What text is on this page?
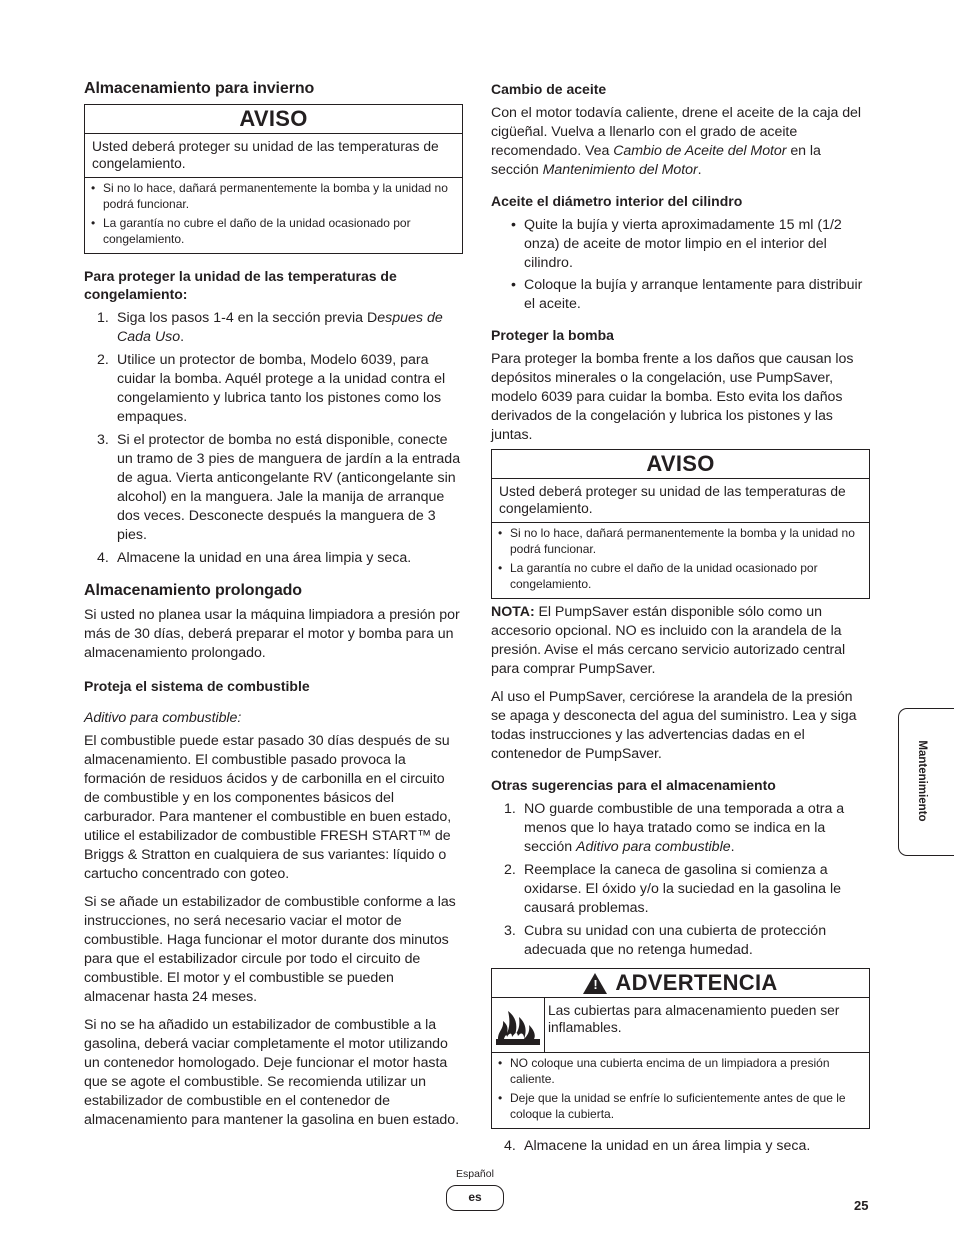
Almacenamiento para invierno
AVISO
Usted deberá proteger su unidad de las temperaturas de congelamiento.
• Si no lo hace, dañará permanentemente la bomba y la unidad no podrá funcionar.
• La garantía no cubre el daño de la unidad ocasionado por congelamiento.
Para proteger la unidad de las temperaturas de congelamiento:
1. Siga los pasos 1-4 en la sección previa Despues de Cada Uso.
2. Utilice un protector de bomba, Modelo 6039, para cuidar la bomba. Aquél protege a la unidad contra el congelamiento y lubrica tanto los pistones como los empaques.
3. Si el protector de bomba no está disponible, conecte un tramo de 3 pies de manguera de jardín a la entrada de agua. Vierta anticongelante RV (anticongelante sin alcohol) en la manguera. Jale la manija de arranque dos veces. Desconecte después la manguera de 3 pies.
4. Almacene la unidad en una área limpia y seca.
Almacenamiento prolongado

Si usted no planea usar la máquina limpiadora a presión por más de 30 días, deberá preparar el motor y bomba para un almacenamiento prolongado.

Proteja el sistema de combustible

Aditivo para combustible:

El combustible puede estar pasado 30 días después de su almacenamiento. El combustible pasado provoca la formación de residuos ácidos y de carbonilla en el circuito de combustible y en los componentes básicos del carburador. Para mantener el combustible en buen estado, utilice el estabilizador de combustible FRESH START™ de Briggs & Stratton en cualquiera de sus variantes: líquido o cartucho concentrado con goteo.

Si se añade un estabilizador de combustible conforme a las instrucciones, no será necesario vaciar el motor de combustible. Haga funcionar el motor durante dos minutos para que el estabilizador circule por todo el circuito de combustible. El motor y el combustible se pueden almacenar hasta 24 meses.

Si no se ha añadido un estabilizador de combustible a la gasolina, deberá vaciar completamente el motor utilizando un contenedor homologado. Deje funcionar el motor hasta que se agote el combustible. Se recomienda utilizar un estabilizador de combustible en el contenedor de almacenamiento para mantener la gasolina en buen estado.

Cambio de aceite

Con el motor todavía caliente, drene el aceite de la caja del cigüeñal. Vuelva a llenarlo con el grado de aceite recomendado. Vea Cambio de Aceite del Motor en la sección Mantenimiento del Motor.

Aceite el diámetro interior del cilindro
• Quite la bujía y vierta aproximadamente 15 ml (1/2 onza) de aceite de motor limpio en el interior del cilindro.
• Coloque la bujía y arranque lentamente para distribuir el aceite.
Proteger la bomba

Para proteger la bomba frente a los daños que causan los depósitos minerales o la congelación, use PumpSaver, modelo 6039 para cuidar la bomba. Esto evita los daños derivados de la congelación y lubrica los pistones y las juntas.

AVISO
Usted deberá proteger su unidad de las temperaturas de congelamiento.
• Si no lo hace, dañará permanentemente la bomba y la unidad no podrá funcionar.
• La garantía no cubre el daño de la unidad ocasionado por congelamiento.

NOTA: El PumpSaver están disponible sólo como un accesorio opcional. NO es incluido con la arandela de la presión. Avise el más cercano servicio autorizado central para comprar PumpSaver.

Al uso el PumpSaver, cerciórese la arandela de la presión se apaga y desconecta del agua del suministro. Lea y siga todas instrucciones y las advertencias dadas en el contenedor de PumpSaver.

Otras sugerencias para el almacenamiento
1. NO guarde combustible de una temporada a otra a menos que lo haya tratado como se indica en la sección Aditivo para combustible.
2. Reemplace la caneca de gasolina si comienza a oxidarse. El óxido y/o la suciedad en la gasolina le causará problemas.
3. Cubra su unidad con una cubierta de protección adecuada que no retenga humedad.
! ADVERTENCIA
Las cubiertas para almacenamiento pueden ser inflamables.
• NO coloque una cubierta encima de un limpiadora a presión caliente.
• Deje que la unidad se enfríe lo suficientemente antes de que le coloque la cubierta.
4. Almacene la unidad en un área limpia y seca.
Mantenimiento
Español
es
25
